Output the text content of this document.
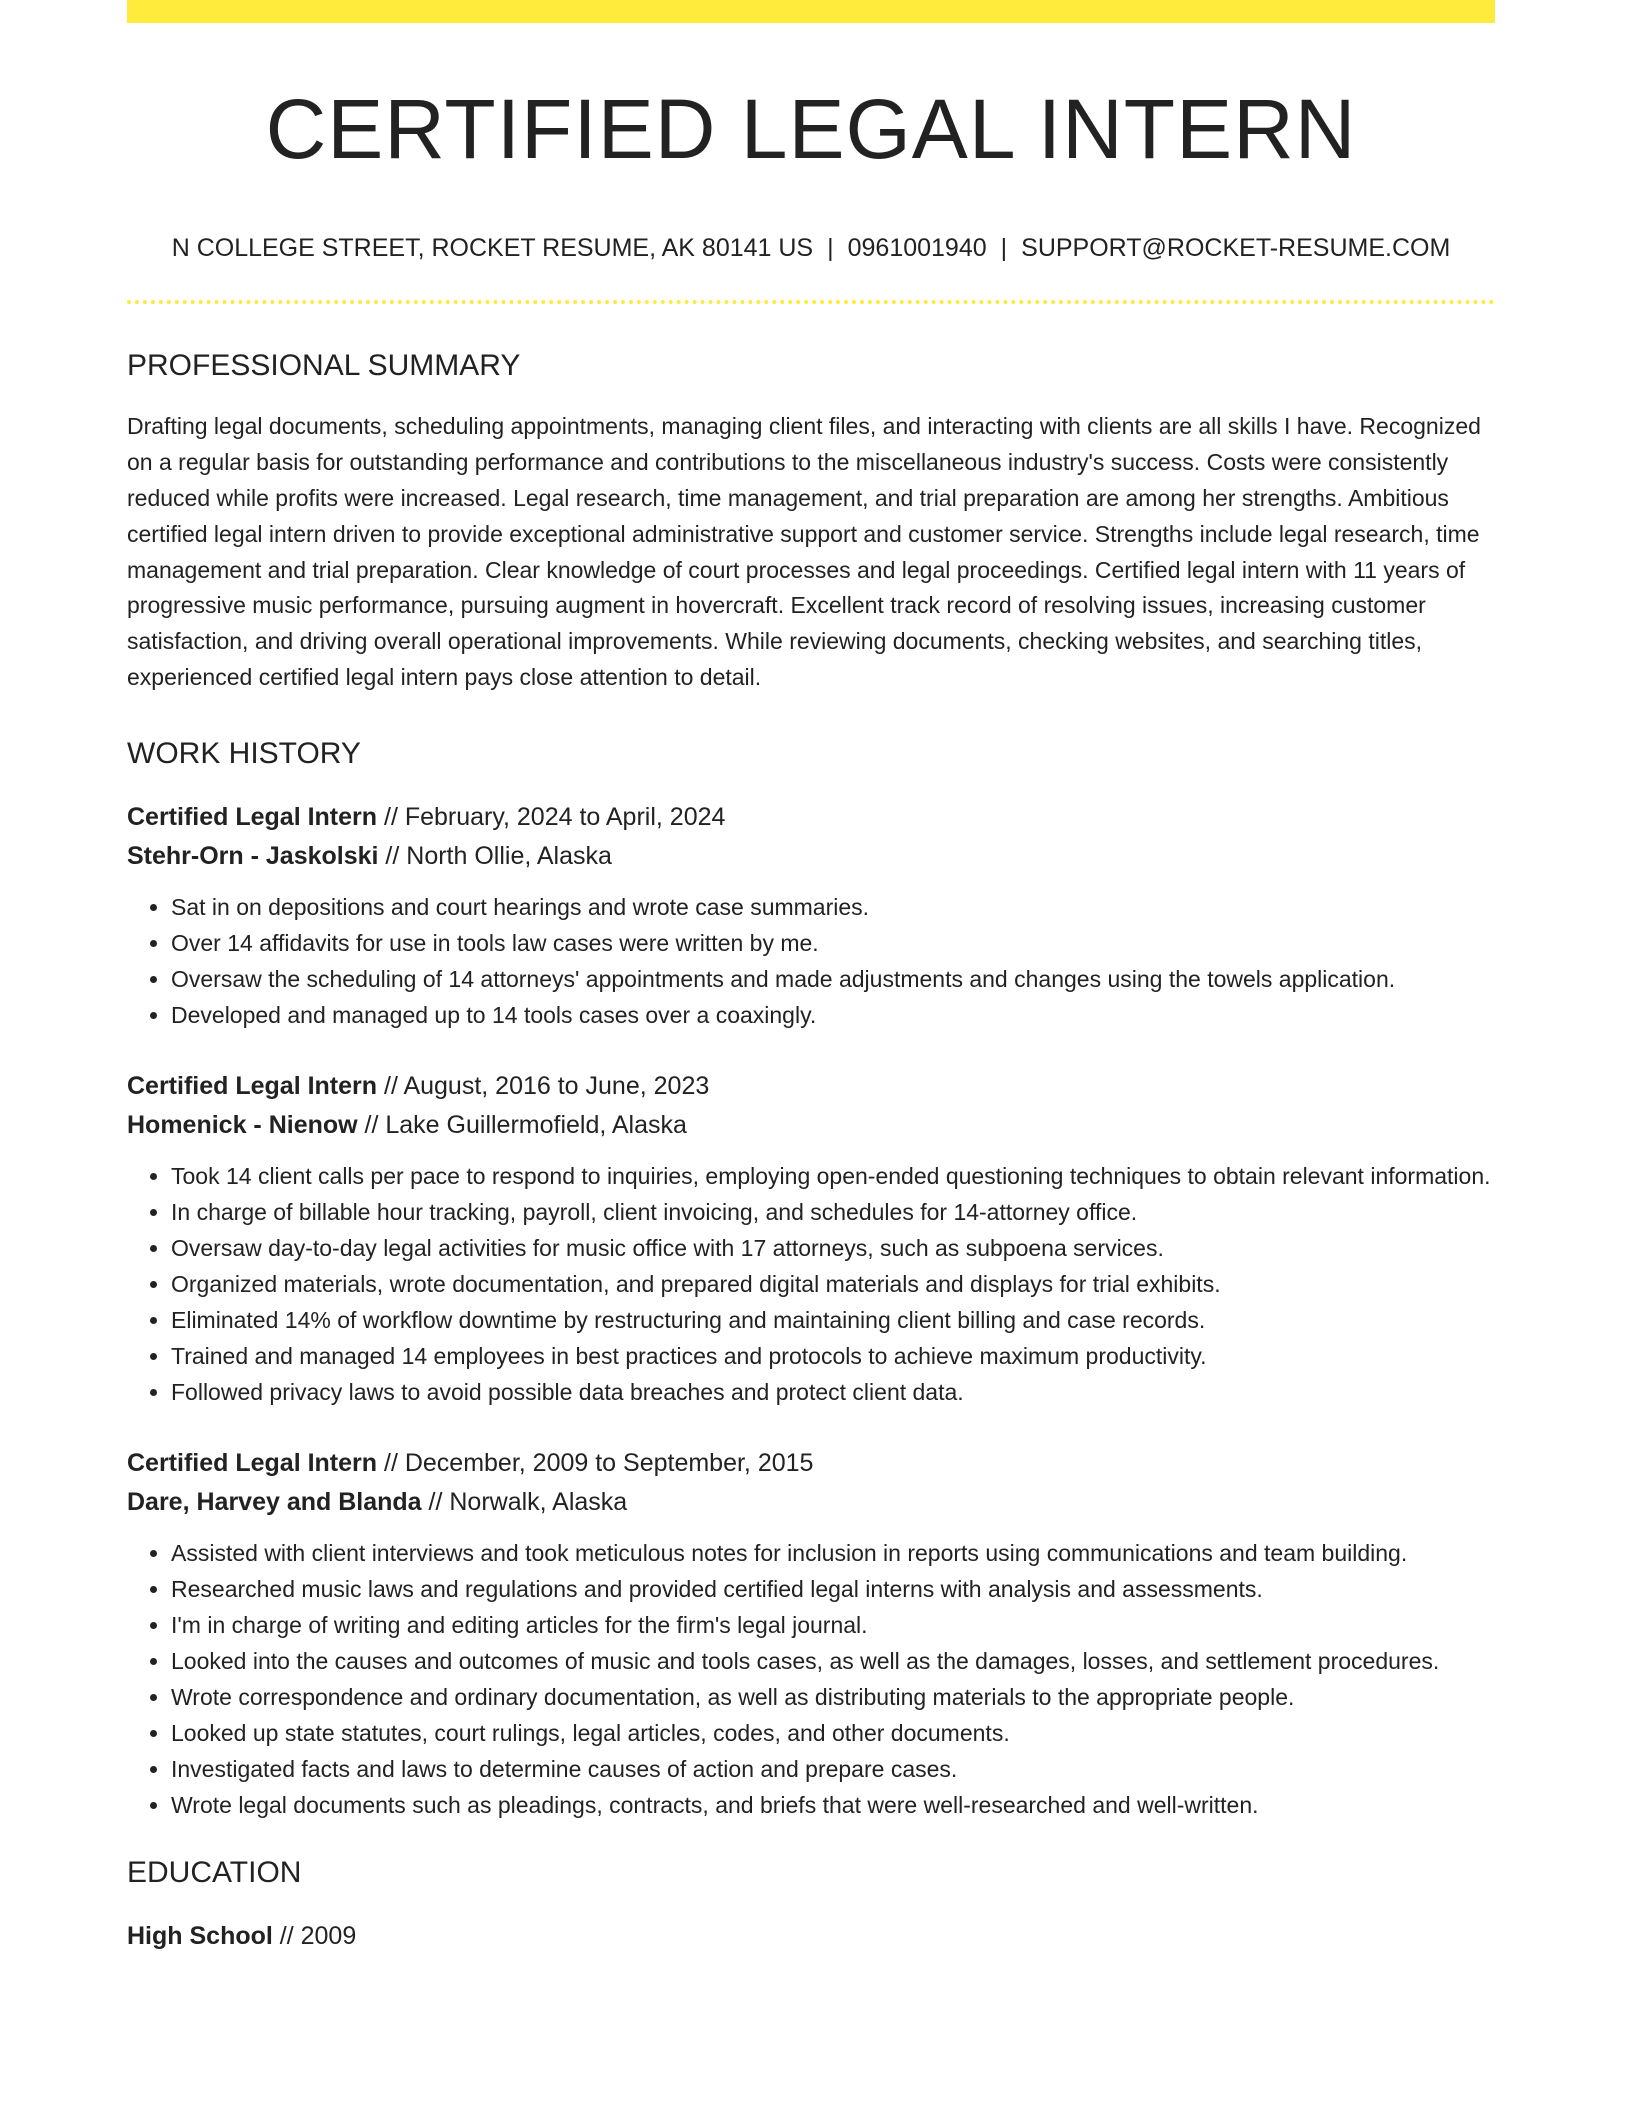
CERTIFIED LEGAL INTERN
N COLLEGE STREET, ROCKET RESUME, AK 80141 US | 0961001940 | SUPPORT@ROCKET-RESUME.COM
PROFESSIONAL SUMMARY

Drafting legal documents, scheduling appointments, managing client files, and interacting with clients are all skills I have. Recognized on a regular basis for outstanding performance and contributions to the miscellaneous industry's success. Costs were consistently reduced while profits were increased. Legal research, time management, and trial preparation are among her strengths. Ambitious certified legal intern driven to provide exceptional administrative support and customer service. Strengths include legal research, time management and trial preparation. Clear knowledge of court processes and legal proceedings. Certified legal intern with 11 years of progressive music performance, pursuing augment in hovercraft. Excellent track record of resolving issues, increasing customer satisfaction, and driving overall operational improvements. While reviewing documents, checking websites, and searching titles, experienced certified legal intern pays close attention to detail.

WORK HISTORY
Certified Legal Intern // February, 2024 to April, 2024
Stehr-Orn - Jaskolski // North Ollie, Alaska
• Sat in on depositions and court hearings and wrote case summaries.
• Over 14 affidavits for use in tools law cases were written by me.
• Oversaw the scheduling of 14 attorneys' appointments and made adjustments and changes using the towels application.
• Developed and managed up to 14 tools cases over a coaxingly.
Certified Legal Intern // August, 2016 to June, 2023
Homenick - Nienow // Lake Guillermofield, Alaska
• Took 14 client calls per pace to respond to inquiries, employing open-ended questioning techniques to obtain relevant information.
• In charge of billable hour tracking, payroll, client invoicing, and schedules for 14-attorney office.
• Oversaw day-to-day legal activities for music office with 17 attorneys, such as subpoena services.
• Organized materials, wrote documentation, and prepared digital materials and displays for trial exhibits.
• Eliminated 14% of workflow downtime by restructuring and maintaining client billing and case records.
• Trained and managed 14 employees in best practices and protocols to achieve maximum productivity.
• Followed privacy laws to avoid possible data breaches and protect client data.
Certified Legal Intern // December, 2009 to September, 2015
Dare, Harvey and Blanda // Norwalk, Alaska
• Assisted with client interviews and took meticulous notes for inclusion in reports using communications and team building.
• Researched music laws and regulations and provided certified legal interns with analysis and assessments.
• I'm in charge of writing and editing articles for the firm's legal journal.
• Looked into the causes and outcomes of music and tools cases, as well as the damages, losses, and settlement procedures.
• Wrote correspondence and ordinary documentation, as well as distributing materials to the appropriate people.
• Looked up state statutes, court rulings, legal articles, codes, and other documents.
• Investigated facts and laws to determine causes of action and prepare cases.
• Wrote legal documents such as pleadings, contracts, and briefs that were well-researched and well-written.
EDUCATION
High School // 2009
